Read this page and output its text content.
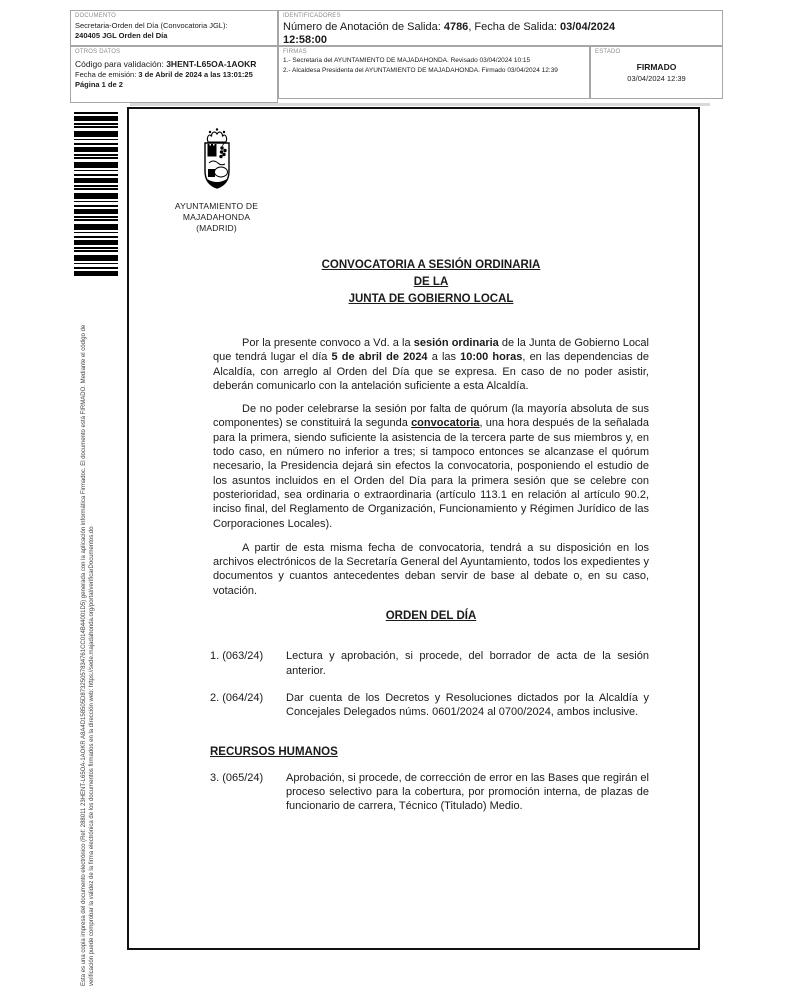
DOCUMENTO
Secretaria-Orden del Día (Convocatoria JGL):
240405 JGL Orden del Día
IDENTIFICADORES
Número de Anotación de Salida: 4786, Fecha de Salida: 03/04/2024
12:58:00
OTROS DATOS
Código para validación: 3HENT-L65OA-1AOKR
Fecha de emisión: 3 de Abril de 2024 a las 13:01:25
Página 1 de 2
FIRMAS
1.- Secretaria del AYUNTAMIENTO DE MAJADAHONDA. Revisado 03/04/2024 10:15
2.- Alcaldesa Presidenta del AYUNTAMIENTO DE MAJADAHONDA. Firmado 03/04/2024 12:39
ESTADO
FIRMADO
03/04/2024 12:39
Esta es una copia impresa del documento electrónico (Ref: 288011 23HENT-L65OA-1AOKR A8A4D158505D87325057834761CC014B44001D5) generada con la aplicación informática Firmadoc. El documento está FIRMADO. Mediante el código de verificación puede comprobar la validez de la firma electrónica de los documentos firmados en la dirección web: https://sede.majadahonda.org/portal/verificarDocumentos.do
AYUNTAMIENTO DE
MAJADAHONDA
(MADRID)
CONVOCATORIA A SESIÓN ORDINARIA
DE LA
JUNTA DE GOBIERNO LOCAL

Por la presente convoco a Vd. a la sesión ordinaria de la Junta de Gobierno Local que tendrá lugar el día 5 de abril de 2024 a las 10:00 horas, en las dependencias de Alcaldía, con arreglo al Orden del Día que se expresa. En caso de no poder asistir, deberán comunicarlo con la antelación suficiente a esta Alcaldía.

De no poder celebrarse la sesión por falta de quórum (la mayoría absoluta de sus componentes) se constituirá la segunda convocatoria, una hora después de la señalada para la primera, siendo suficiente la asistencia de la tercera parte de sus miembros y, en todo caso, en número no inferior a tres; si tampoco entonces se alcanzase el quórum necesario, la Presidencia dejará sin efectos la convocatoria, posponiendo el estudio de los asuntos incluidos en el Orden del Día para la primera sesión que se celebre con posterioridad, sea ordinaria o extraordinaria (artículo 113.1 en relación al artículo 90.2, inciso final, del Reglamento de Organización, Funcionamiento y Régimen Jurídico de las Corporaciones Locales).

A partir de esta misma fecha de convocatoria, tendrá a su disposición en los archivos electrónicos de la Secretaría General del Ayuntamiento, todos los expedientes y documentos y cuantos antecedentes deban servir de base al debate o, en su caso, votación.

ORDEN DEL DÍA

1. (063/24)	Lectura y aprobación, si procede, del borrador de acta de la sesión anterior.
2. (064/24)	Dar cuenta de los Decretos y Resoluciones dictados por la Alcaldía y Concejales Delegados núms. 0601/2024 al 0700/2024, ambos inclusive.
RECURSOS HUMANOS
3. (065/24)	Aprobación, si procede, de corrección de error en las Bases que regirán el proceso selectivo para la cobertura, por promoción interna, de plazas de funcionario de carrera, Técnico (Titulado) Medio.
